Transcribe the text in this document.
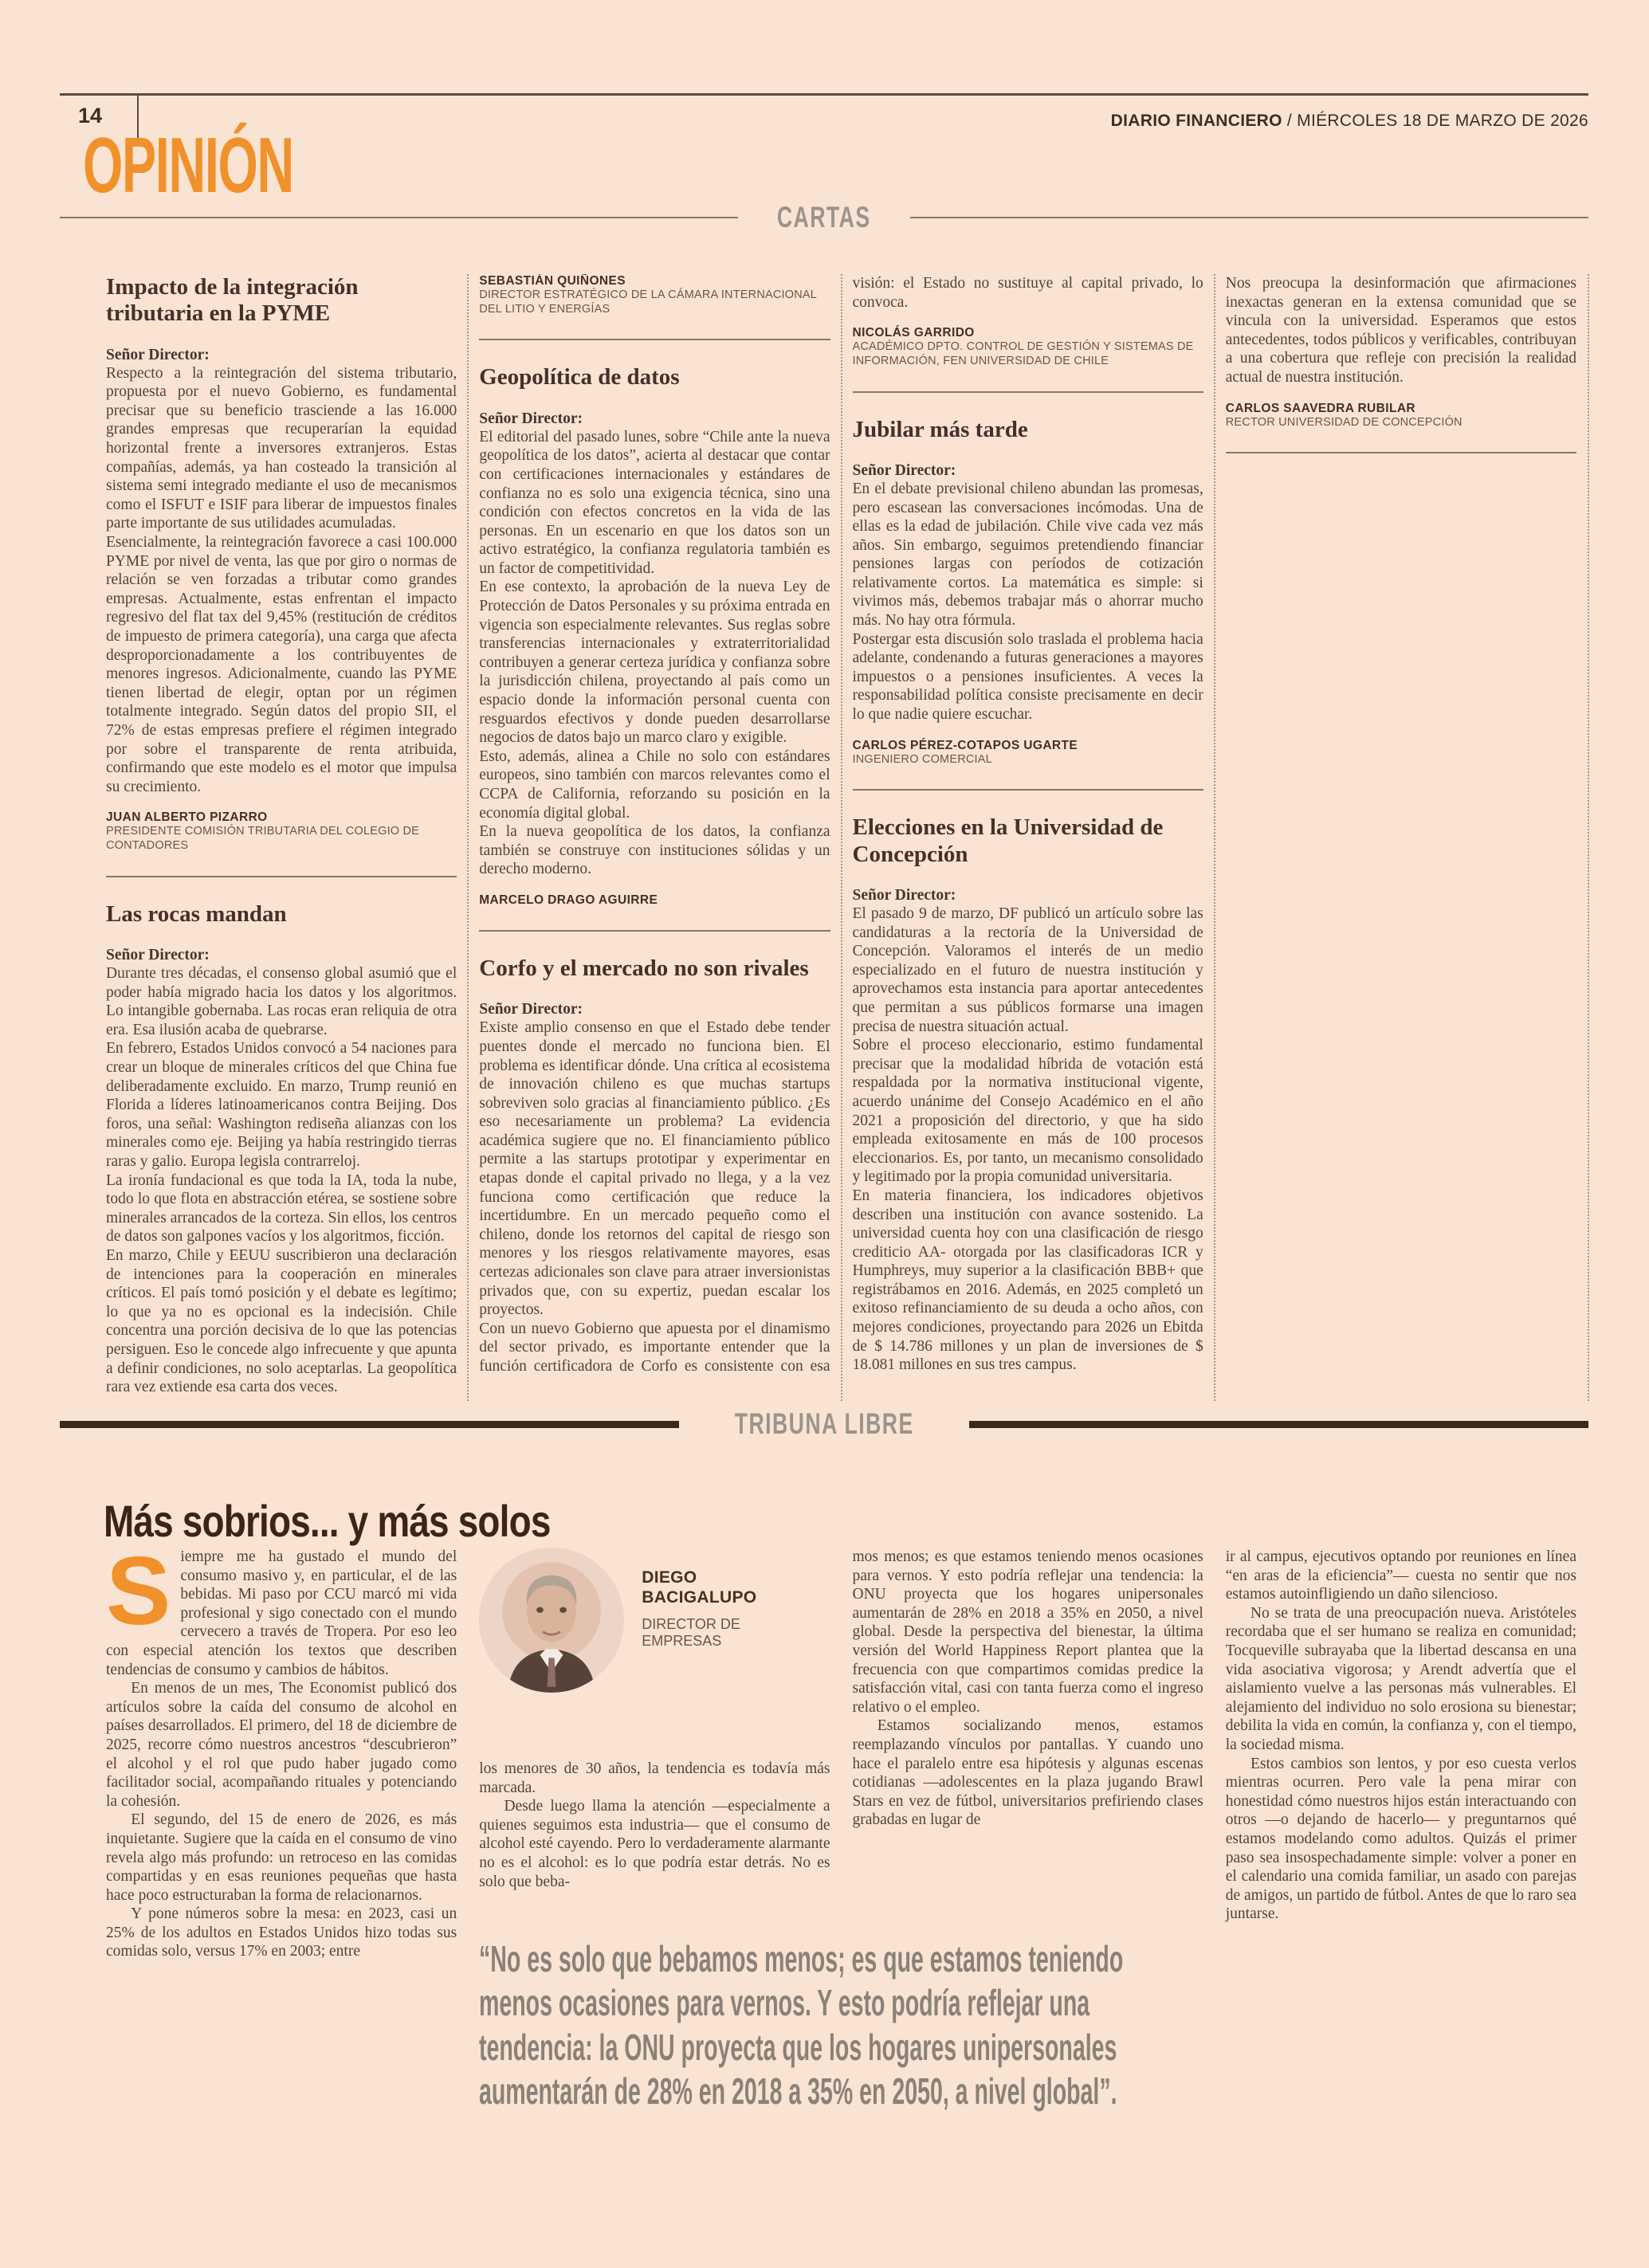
14	DIARIO FINANCIERO / MIÉRCOLES 18 DE MARZO DE 2026
OPINIÓN
CARTAS
Impacto de la integración tributaria en la PYME

Señor Director:

Respecto a la reintegración del sistema tributario, propuesta por el nuevo Gobierno, es fundamental precisar que su beneficio trasciende a las 16.000 grandes empresas que recuperarían la equidad horizontal frente a inversores extranjeros. Estas compañías, además, ya han costeado la transición al sistema semi integrado mediante el uso de mecanismos como el ISFUT e ISIF para liberar de impuestos finales parte importante de sus utilidades acumuladas.

Esencialmente, la reintegración favorece a casi 100.000 PYME por nivel de venta, las que por giro o normas de relación se ven forzadas a tributar como grandes empresas. Actualmente, estas enfrentan el impacto regresivo del flat tax del 9,45% (restitución de créditos de impuesto de primera categoría), una carga que afecta desproporcionadamente a los contribuyentes de menores ingresos. Adicionalmente, cuando las PYME tienen libertad de elegir, optan por un régimen totalmente integrado. Según datos del propio SII, el 72% de estas empresas prefiere el régimen integrado por sobre el transparente de renta atribuida, confirmando que este modelo es el motor que impulsa su crecimiento.

JUAN ALBERTO PIZARRO
PRESIDENTE COMISIÓN TRIBUTARIA DEL COLEGIO DE CONTADORES
Las rocas mandan

Señor Director:

Durante tres décadas, el consenso global asumió que el poder había migrado hacia los datos y los algoritmos. Lo intangible gobernaba. Las rocas eran reliquia de otra era. Esa ilusión acaba de quebrarse.

En febrero, Estados Unidos convocó a 54 naciones para crear un bloque de minerales críticos del que China fue deliberadamente excluido. En marzo, Trump reunió en Florida a líderes latinoamericanos contra Beijing. Dos foros, una señal: Washington rediseña alianzas con los minerales como eje. Beijing ya había restringido tierras raras y galio. Europa legisla contrarreloj.

La ironía fundacional es que toda la IA, toda la nube, todo lo que flota en abstracción etérea, se sostiene sobre minerales arrancados de la corteza. Sin ellos, los centros de datos son galpones vacíos y los algoritmos, ficción.

En marzo, Chile y EEUU suscribieron una declaración de intenciones para la cooperación en minerales críticos. El país tomó posición y el debate es legítimo; lo que ya no es opcional es la indecisión. Chile concentra una porción decisiva de lo que las potencias persiguen. Eso le concede algo infrecuente y que apunta a definir condiciones, no solo aceptarlas. La geopolítica rara vez extiende esa carta dos veces.

SEBASTIÁN QUIÑONES
DIRECTOR ESTRATÉGICO DE LA CÁMARA INTERNACIONAL DEL LITIO Y ENERGÍAS
Geopolítica de datos

Señor Director:

El editorial del pasado lunes, sobre “Chile ante la nueva geopolítica de los datos”, acierta al destacar que contar con certificaciones internacionales y estándares de confianza no es solo una exigencia técnica, sino una condición con efectos concretos en la vida de las personas. En un escenario en que los datos son un activo estratégico, la confianza regulatoria también es un factor de competitividad.

En ese contexto, la aprobación de la nueva Ley de Protección de Datos Personales y su próxima entrada en vigencia son especialmente relevantes. Sus reglas sobre transferencias internacionales y extraterritorialidad contribuyen a generar certeza jurídica y confianza sobre la jurisdicción chilena, proyectando al país como un espacio donde la información personal cuenta con resguardos efectivos y donde pueden desarrollarse negocios de datos bajo un marco claro y exigible.

Esto, además, alinea a Chile no solo con estándares europeos, sino también con marcos relevantes como el CCPA de California, reforzando su posición en la economía digital global.

En la nueva geopolítica de los datos, la confianza también se construye con instituciones sólidas y un derecho moderno.

MARCELO DRAGO AGUIRRE
Corfo y el mercado no son rivales

Señor Director:

Existe amplio consenso en que el Estado debe tender puentes donde el mercado no funciona bien. El problema es identificar dónde. Una crítica al ecosistema de innovación chileno es que muchas startups sobreviven solo gracias al financiamiento público. ¿Es eso necesariamente un problema? La evidencia académica sugiere que no. El financiamiento público permite a las startups prototipar y experimentar en etapas donde el capital privado no llega, y a la vez funciona como certificación que reduce la incertidumbre. En un mercado pequeño como el chileno, donde los retornos del capital de riesgo son menores y los riesgos relativamente mayores, esas certezas adicionales son clave para atraer inversionistas privados que, con su expertiz, puedan escalar los proyectos.

Con un nuevo Gobierno que apuesta por el dinamismo del sector privado, es importante entender que la función certificadora de Corfo es consistente con esa visión: el Estado no sustituye al capital privado, lo convoca.

NICOLÁS GARRIDO
ACADÉMICO DPTO. CONTROL DE GESTIÓN Y SISTEMAS DE INFORMACIÓN, FEN UNIVERSIDAD DE CHILE
Jubilar más tarde

Señor Director:

En el debate previsional chileno abundan las promesas, pero escasean las conversaciones incómodas. Una de ellas es la edad de jubilación. Chile vive cada vez más años. Sin embargo, seguimos pretendiendo financiar pensiones largas con períodos de cotización relativamente cortos. La matemática es simple: si vivimos más, debemos trabajar más o ahorrar mucho más. No hay otra fórmula.

Postergar esta discusión solo traslada el problema hacia adelante, condenando a futuras generaciones a mayores impuestos o a pensiones insuficientes. A veces la responsabilidad política consiste precisamente en decir lo que nadie quiere escuchar.

CARLOS PÉREZ-COTAPOS UGARTE
INGENIERO COMERCIAL
Elecciones en la Universidad de Concepción

Señor Director:

El pasado 9 de marzo, DF publicó un artículo sobre las candidaturas a la rectoría de la Universidad de Concepción. Valoramos el interés de un medio especializado en el futuro de nuestra institución y aprovechamos esta instancia para aportar antecedentes que permitan a sus públicos formarse una imagen precisa de nuestra situación actual.

Sobre el proceso eleccionario, estimo fundamental precisar que la modalidad híbrida de votación está respaldada por la normativa institucional vigente, acuerdo unánime del Consejo Académico en el año 2021 a proposición del directorio, y que ha sido empleada exitosamente en más de 100 procesos eleccionarios. Es, por tanto, un mecanismo consolidado y legitimado por la propia comunidad universitaria.

En materia financiera, los indicadores objetivos describen una institución con avance sostenido. La universidad cuenta hoy con una clasificación de riesgo crediticio AA- otorgada por las clasificadoras ICR y Humphreys, muy superior a la clasificación BBB+ que registrábamos en 2016. Además, en 2025 completó un exitoso refinanciamiento de su deuda a ocho años, con mejores condiciones, proyectando para 2026 un Ebitda de $ 14.786 millones y un plan de inversiones de $ 18.081 millones en sus tres campus.

Nos preocupa la desinformación que afirmaciones inexactas generan en la extensa comunidad que se vincula con la universidad. Esperamos que estos antecedentes, todos públicos y verificables, contribuyan a una cobertura que refleje con precisión la realidad actual de nuestra institución.

CARLOS SAAVEDRA RUBILAR
RECTOR UNIVERSIDAD DE CONCEPCIÓN
TRIBUNA LIBRE
Más sobrios... y más solos

Siempre me ha gustado el mundo del consumo masivo y, en particular, el de las bebidas. Mi paso por CCU marcó mi vida profesional y sigo conectado con el mundo cervecero a través de Tropera. Por eso leo con especial atención los textos que describen tendencias de consumo y cambios de hábitos.

En menos de un mes, The Economist publicó dos artículos sobre la caída del consumo de alcohol en países desarrollados. El primero, del 18 de diciembre de 2025, recorre cómo nuestros ancestros “descubrieron” el alcohol y el rol que pudo haber jugado como facilitador social, acompañando rituales y potenciando la cohesión.

El segundo, del 15 de enero de 2026, es más inquietante. Sugiere que la caída en el consumo de vino revela algo más profundo: un retroceso en las comidas compartidas y en esas reuniones pequeñas que hasta hace poco estructuraban la forma de relacionarnos.

Y pone números sobre la mesa: en 2023, casi un 25% de los adultos en Estados Unidos hizo todas sus comidas solo, versus 17% en 2003; entre

DIEGO BACIGALUPO
DIRECTOR DE EMPRESAS

los menores de 30 años, la tendencia es todavía más marcada.

Desde luego llama la atención —especialmente a quienes seguimos esta industria— que el consumo de alcohol esté cayendo. Pero lo verdaderamente alarmante no es el alcohol: es lo que podría estar detrás. No es solo que beba-

mos menos; es que estamos teniendo menos ocasiones para vernos. Y esto podría reflejar una tendencia: la ONU proyecta que los hogares unipersonales aumentarán de 28% en 2018 a 35% en 2050, a nivel global. Desde la perspectiva del bienestar, la última versión del World Happiness Report plantea que la frecuencia con que compartimos comidas predice la satisfacción vital, casi con tanta fuerza como el ingreso relativo o el empleo.

Estamos socializando menos, estamos reemplazando vínculos por pantallas. Y cuando uno hace el paralelo entre esa hipótesis y algunas escenas cotidianas —adolescentes en la plaza jugando Brawl Stars en vez de fútbol, universitarios prefiriendo clases grabadas en lugar de

ir al campus, ejecutivos optando por reuniones en línea “en aras de la eficiencia”— cuesta no sentir que nos estamos autoinfligiendo un daño silencioso.

No se trata de una preocupación nueva. Aristóteles recordaba que el ser humano se realiza en comunidad; Tocqueville subrayaba que la libertad descansa en una vida asociativa vigorosa; y Arendt advertía que el aislamiento vuelve a las personas más vulnerables. El alejamiento del individuo no solo erosiona su bienestar; debilita la vida en común, la confianza y, con el tiempo, la sociedad misma.

Estos cambios son lentos, y por eso cuesta verlos mientras ocurren. Pero vale la pena mirar con honestidad cómo nuestros hijos están interactuando con otros —o dejando de hacerlo— y preguntarnos qué estamos modelando como adultos. Quizás el primer paso sea insospechadamente simple: volver a poner en el calendario una comida familiar, un asado con parejas de amigos, un partido de fútbol. Antes de que lo raro sea juntarse.

“No es solo que bebamos menos; es que estamos teniendo menos ocasiones para vernos. Y esto podría reflejar una tendencia: la ONU proyecta que los hogares unipersonales aumentarán de 28% en 2018 a 35% en 2050, a nivel global”.
